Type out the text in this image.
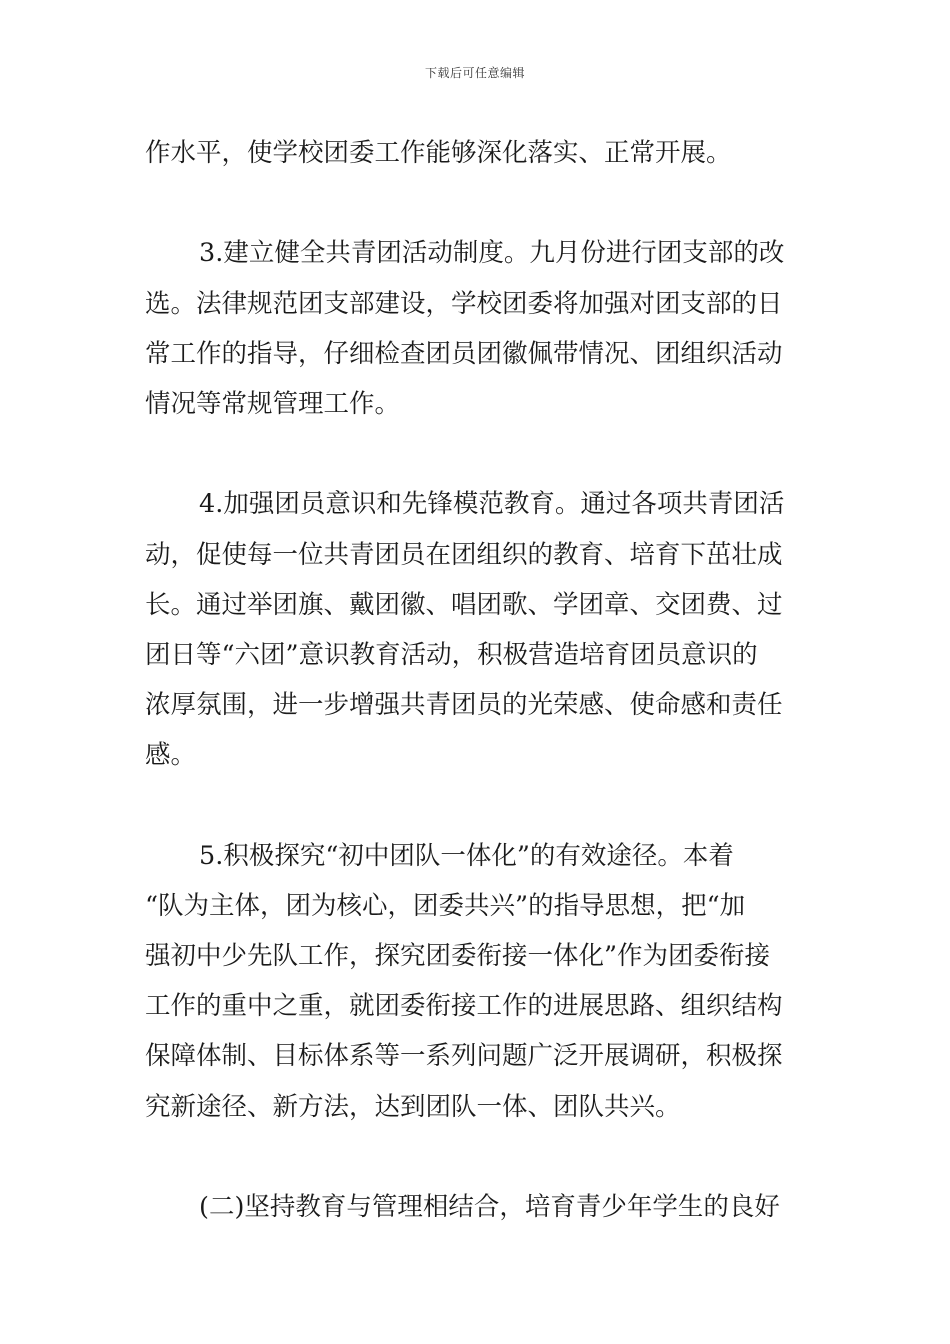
下载后可任意编辑
作水平，使学校团委工作能够深化落实、正常开展。
3.建立健全共青团活动制度。九月份进行团支部的改
选。法律规范团支部建设，学校团委将加强对团支部的日
常工作的指导，仔细检查团员团徽佩带情况、团组织活动
情况等常规管理工作。
4.加强团员意识和先锋模范教育。通过各项共青团活
动，促使每一位共青团员在团组织的教育、培育下茁壮成
长。通过举团旗、戴团徽、唱团歌、学团章、交团费、过
团日等“六团”意识教育活动，积极营造培育团员意识的
浓厚氛围，进一步增强共青团员的光荣感、使命感和责任
感。
5.积极探究“初中团队一体化”的有效途径。本着
“队为主体，团为核心，团委共兴”的指导思想，把“加
强初中少先队工作，探究团委衔接一体化”作为团委衔接
工作的重中之重，就团委衔接工作的进展思路、组织结构
保障体制、目标体系等一系列问题广泛开展调研，积极探
究新途径、新方法，达到团队一体、团队共兴。
(二)坚持教育与管理相结合，培育青少年学生的良好
